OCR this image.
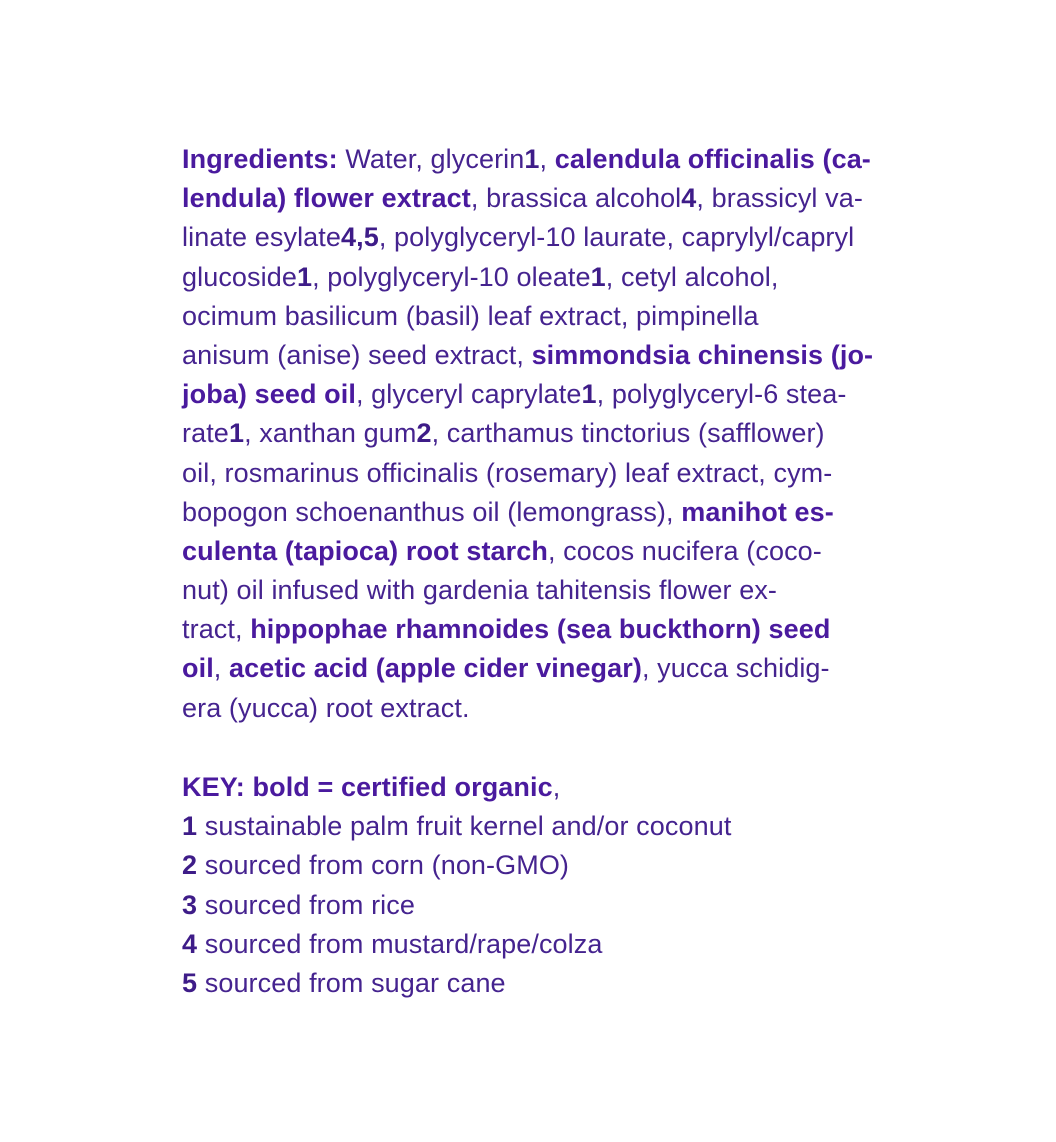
Ingredients: Water, glycerin1, calendula officinalis (ca-
lendula) flower extract, brassica alcohol4, brassicyl va-
linate esylate4,5, polyglyceryl-10 laurate, caprylyl/capryl
glucoside1, polyglyceryl-10 oleate1, cetyl alcohol,
ocimum basilicum (basil) leaf extract, pimpinella
anisum (anise) seed extract, simmondsia chinensis (jo-
joba) seed oil, glyceryl caprylate1, polyglyceryl-6 stea-
rate1, xanthan gum2, carthamus tinctorius (safflower)
oil, rosmarinus officinalis (rosemary) leaf extract, cym-
bopogon schoenanthus oil (lemongrass), manihot es-
culenta (tapioca) root starch, cocos nucifera (coco-
nut) oil infused with gardenia tahitensis flower ex-
tract, hippophae rhamnoides (sea buckthorn) seed
oil, acetic acid (apple cider vinegar), yucca schidig-
era (yucca) root extract.
KEY: bold = certified organic,
1 sustainable palm fruit kernel and/or coconut
2 sourced from corn (non-GMO)
3 sourced from rice
4 sourced from mustard/rape/colza
5 sourced from sugar cane
